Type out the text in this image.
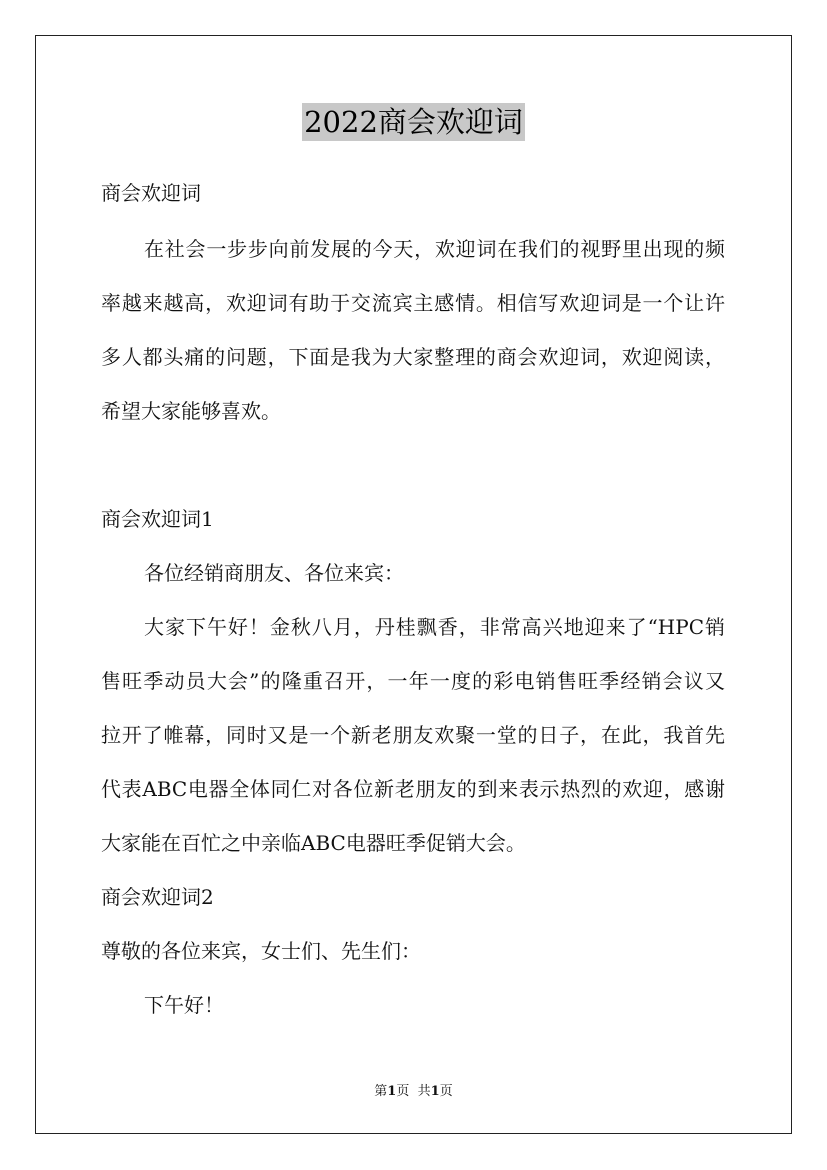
2022商会欢迎词
商会欢迎词
在社会一步步向前发展的今天，欢迎词在我们的视野里出现的频
率越来越高，欢迎词有助于交流宾主感情。相信写欢迎词是一个让许
多人都头痛的问题，下面是我为大家整理的商会欢迎词，欢迎阅读，
希望大家能够喜欢。
商会欢迎词1
各位经销商朋友、各位来宾：
大家下午好！金秋八月，丹桂飘香，非常高兴地迎来了“HPC销
售旺季动员大会”的隆重召开，一年一度的彩电销售旺季经销会议又
拉开了帷幕，同时又是一个新老朋友欢聚一堂的日子，在此，我首先
代表ABC电器全体同仁对各位新老朋友的到来表示热烈的欢迎，感谢
大家能在百忙之中亲临ABC电器旺季促销大会。
商会欢迎词2
尊敬的各位来宾，女士们、先生们：
下午好！
第1页 共1页
